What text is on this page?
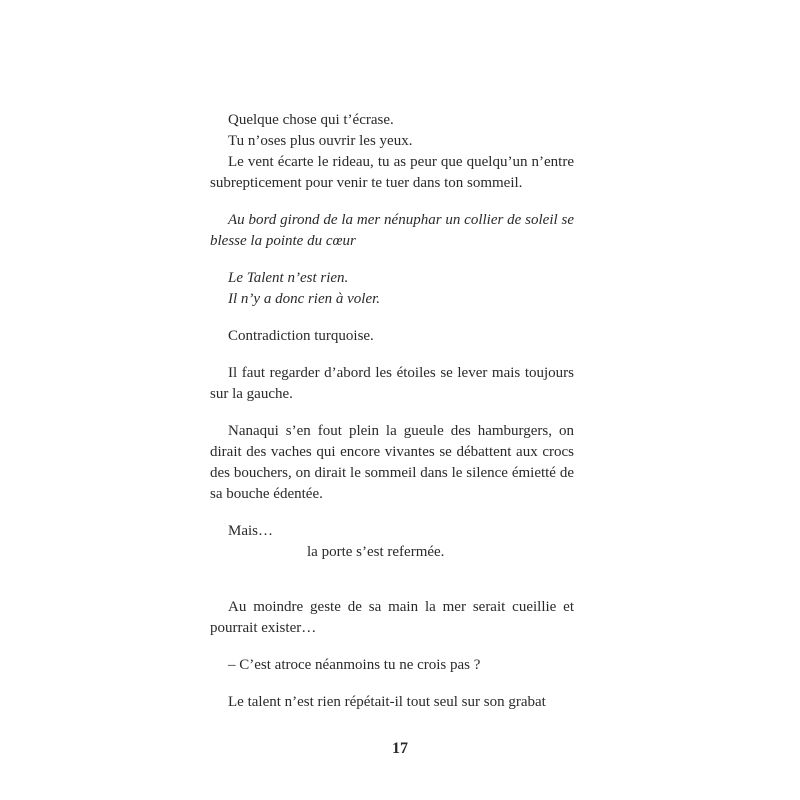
Quelque chose qui t’écrase.

Tu n’oses plus ouvrir les yeux.

Le vent écarte le rideau, tu as peur que quelqu’un n’entre subrepticement pour venir te tuer dans ton sommeil.

Au bord girond de la mer nénuphar un collier de soleil se blesse la pointe du cœur

Le Talent n’est rien.

Il n’y a donc rien à voler.

Contradiction turquoise.

Il faut regarder d’abord les étoiles se lever mais toujours sur la gauche.

Nanaqui s’en fout plein la gueule des hamburgers, on dirait des vaches qui encore vivantes se débattent aux crocs des bouchers, on dirait le sommeil dans le silence émietté de sa bouche édentée.

Mais…

la porte s’est refermée.

Au moindre geste de sa main la mer serait cueillie et pourrait exister…

– C’est atroce néanmoins tu ne crois pas ?

Le talent n’est rien répétait-il tout seul sur son grabat

17
